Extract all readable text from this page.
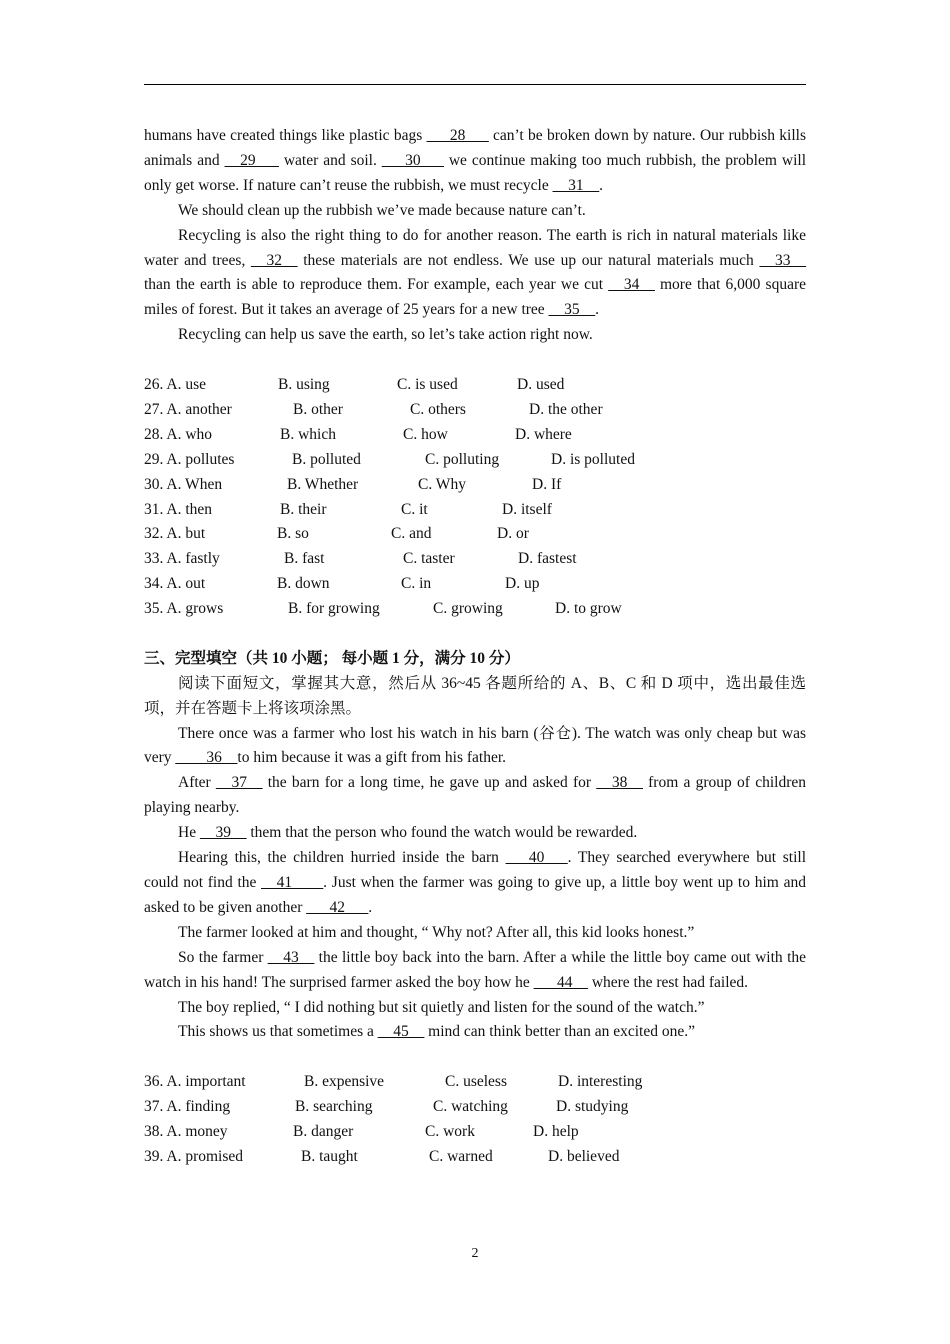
humans have created things like plastic bags ___28___ can’t be broken down by nature. Our rubbish kills animals and __29___ water and soil. ___30___ we continue making too much rubbish, the problem will only get worse. If nature can’t reuse the rubbish, we must recycle __31__.

We should clean up the rubbish we’ve made because nature can’t.

Recycling is also the right thing to do for another reason. The earth is rich in natural materials like water and trees, __32__ these materials are not endless. We use up our natural materials much __33__ than the earth is able to reproduce them. For example, each year we cut __34__ more that 6,000 square miles of forest. But it takes an average of 25 years for a new tree __35__.

Recycling can help us save the earth, so let’s take action right now.

26. A. use	B. using	C. is used	D. used
27. A. another	B. other	C. others	D. the other
28. A. who	B. which	C. how	D. where
29. A. pollutes	B. polluted	C. polluting	D. is polluted
30. A. When	B. Whether	C. Why	D. If
31. A. then	B. their	C. it	D. itself
32. A. but	B. so	C. and	D. or
33. A. fastly	B. fast	C. taster	D. fastest
34. A. out	B. down	C. in	D. up
35. A. grows	B. for growing	C. growing	D. to grow

三、完型填空（共 10 小题； 每小题 1 分，满分 10 分）

阅读下面短文，掌握其大意，然后从 36~45 各题所给的 A、B、C 和 D 项中，选出最佳选项，并在答题卡上将该项涂黑。

There once was a farmer who lost his watch in his barn (谷仓). The watch was only cheap but was very ____36__to him because it was a gift from his father.

After __37__ the barn for a long time, he gave up and asked for __38__ from a group of children playing nearby.

He __39__ them that the person who found the watch would be rewarded.

Hearing this, the children hurried inside the barn ___40___. They searched everywhere but still could not find the __41____. Just when the farmer was going to give up, a little boy went up to him and asked to be given another ___42___.

The farmer looked at him and thought, “ Why not? After all, this kid looks honest.”

So the farmer __43__ the little boy back into the barn. After a while the little boy came out with the watch in his hand! The surprised farmer asked the boy how he ___44__ where the rest had failed.

The boy replied, “ I did nothing but sit quietly and listen for the sound of the watch.”

This shows us that sometimes a __45__ mind can think better than an excited one.”

36. A. important	B. expensive	C. useless	D. interesting
37. A. finding	B. searching	C. watching	D. studying
38. A. money	B. danger	C. work	D. help
39. A. promised	B. taught	C. warned	D. believed
2
